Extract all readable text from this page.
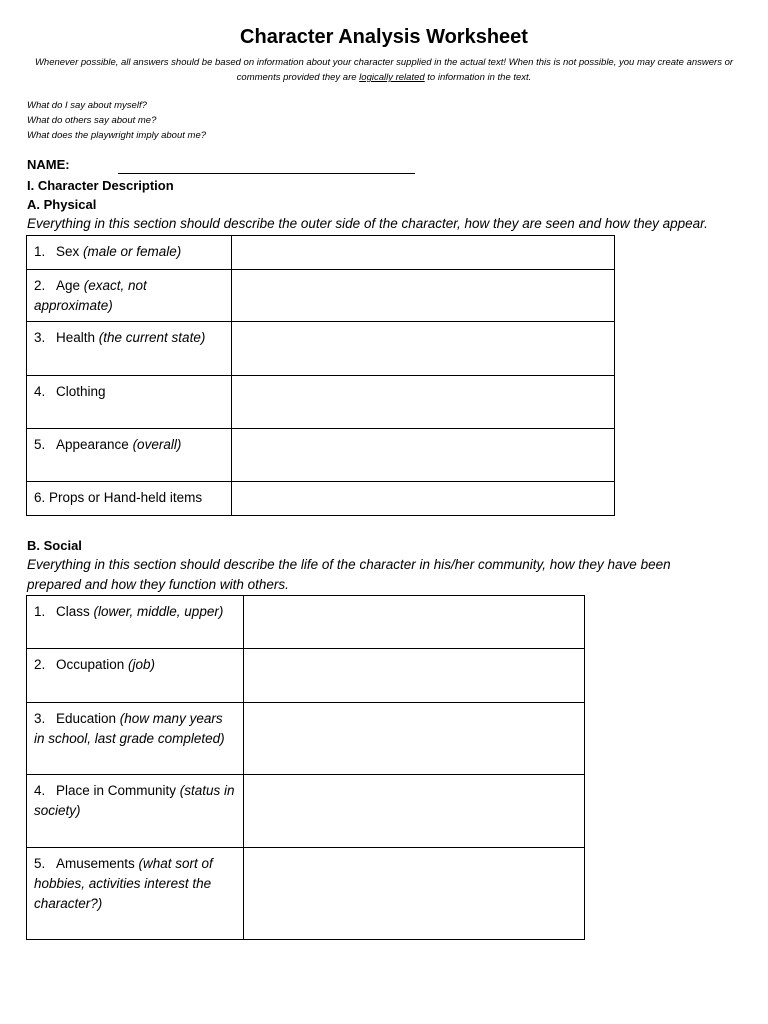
Character Analysis Worksheet
Whenever possible, all answers should be based on information about your character supplied in the actual text! When this is not possible, you may create answers or comments provided they are logically related to information in the text.
What do I say about myself?
What do others say about me?
What does the playwright imply about me?
NAME:
I. Character Description
A. Physical
Everything in this section should describe the outer side of the character, how they are seen and how they appear.
1. Sex (male or female)	
2. Age (exact, not approximate)	
3. Health (the current state)	
4. Clothing	
5. Appearance (overall)	
6. Props or Hand-held items	
B. Social
Everything in this section should describe the life of the character in his/her community, how they have been prepared and how they function with others.
1. Class (lower, middle, upper)	
2. Occupation (job)	
3. Education (how many years in school, last grade completed)	
4. Place in Community (status in society)	
5. Amusements (what sort of hobbies, activities interest the character?)	
